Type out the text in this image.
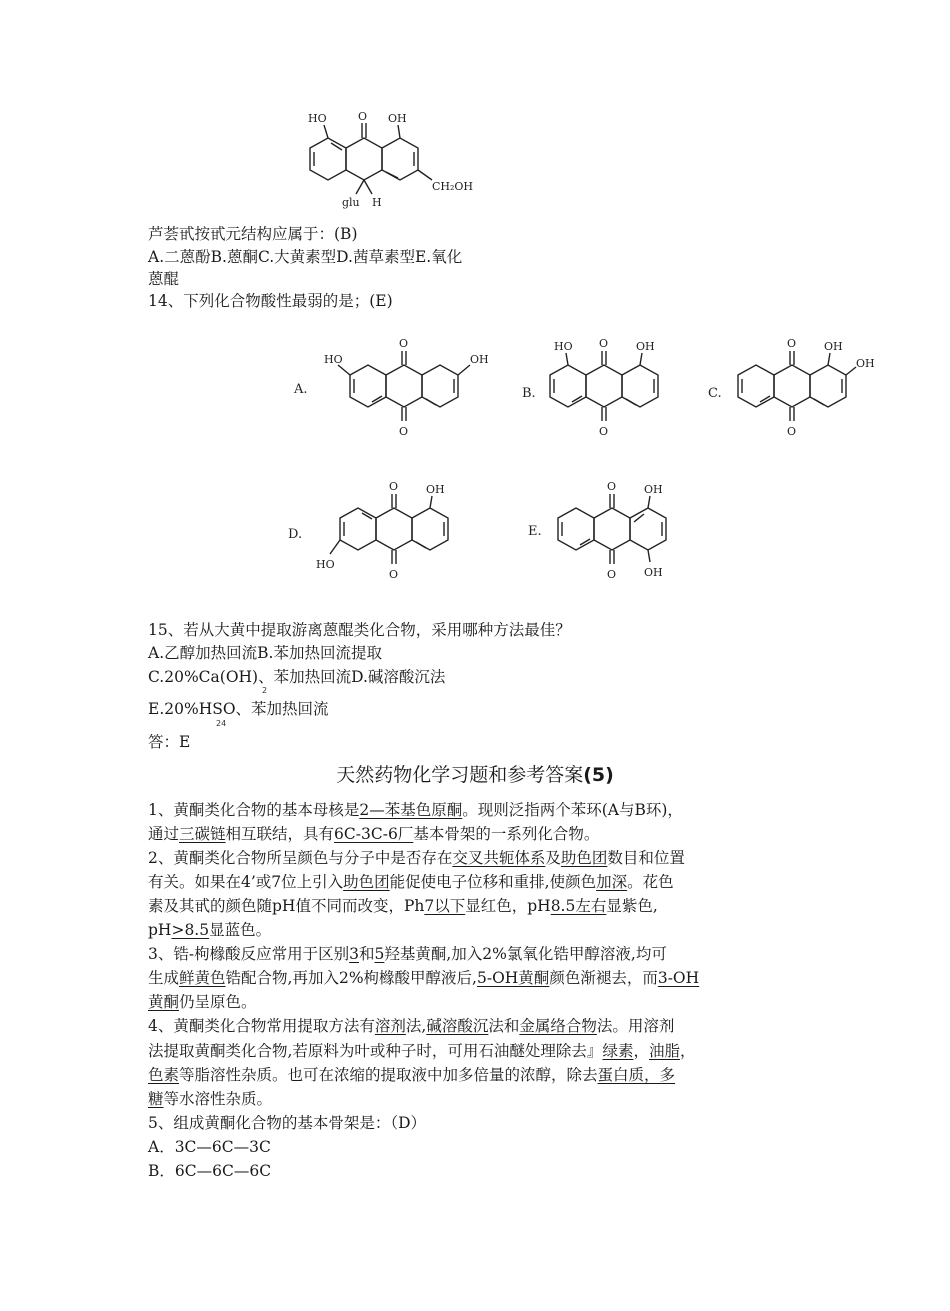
HO	O OH
CH₂OH
glu H
芦荟甙按甙元结构应属于：(B)
A.二蒽酚B.蒽酮C.大黄素型D.茜草素型E.氧化
蒽醌
14、下列化合物酸性最弱的是；(E)
A.
HO
O
O
OH
B.
HO O
O
OH
C.
O
O
OH
OH
D.
HO
O
O
OH
E.
O
O
OH
OH
15、若从大黄中提取游离蒽醌类化合物，采用哪种方法最佳？
A.乙醇加热回流B.苯加热回流提取
C.20%Ca(OH)、苯加热回流D.碱溶酸沉法
2
E.20%HSO、苯加热回流
24
答：E
天然药物化学习题和参考答案(5)
1、黄酮类化合物的基本母核是2—苯基色原酮。现则泛指两个苯环(A与B环)，
通过三碳链相互联结，具有6C-3C-6厂基本骨架的一系列化合物。
2、黄酮类化合物所呈颜色与分子中是否存在交叉共轭体系及助色团数目和位置
有关。如果在4’或7位上引入助色团能促使电子位移和重排,使颜色加深。花色
素及其甙的颜色随pH值不同而改变，Ph7以下显红色，pH8.5左右显紫色,
pH>8.5显蓝色。
3、锆-枸橼酸反应常用于区别3和5羟基黄酮,加入2%氯氧化锆甲醇溶液,均可
生成鲜黄色锆配合物,再加入2%枸橼酸甲醇液后,5-OH黄酮颜色渐褪去，而3-OH
黄酮仍呈原色。
4、黄酮类化合物常用提取方法有溶剂法,碱溶酸沉法和金属络合物法。用溶剂
法提取黄酮类化合物,若原料为叶或种子时，可用石油醚处理除去』绿素，油脂，
色素等脂溶性杂质。也可在浓缩的提取液中加多倍量的浓醇，除去蛋白质，多
糖等水溶性杂质。
5、组成黄酮化合物的基本骨架是：（D）
A．3C—6C—3C
B．6C—6C—6C
